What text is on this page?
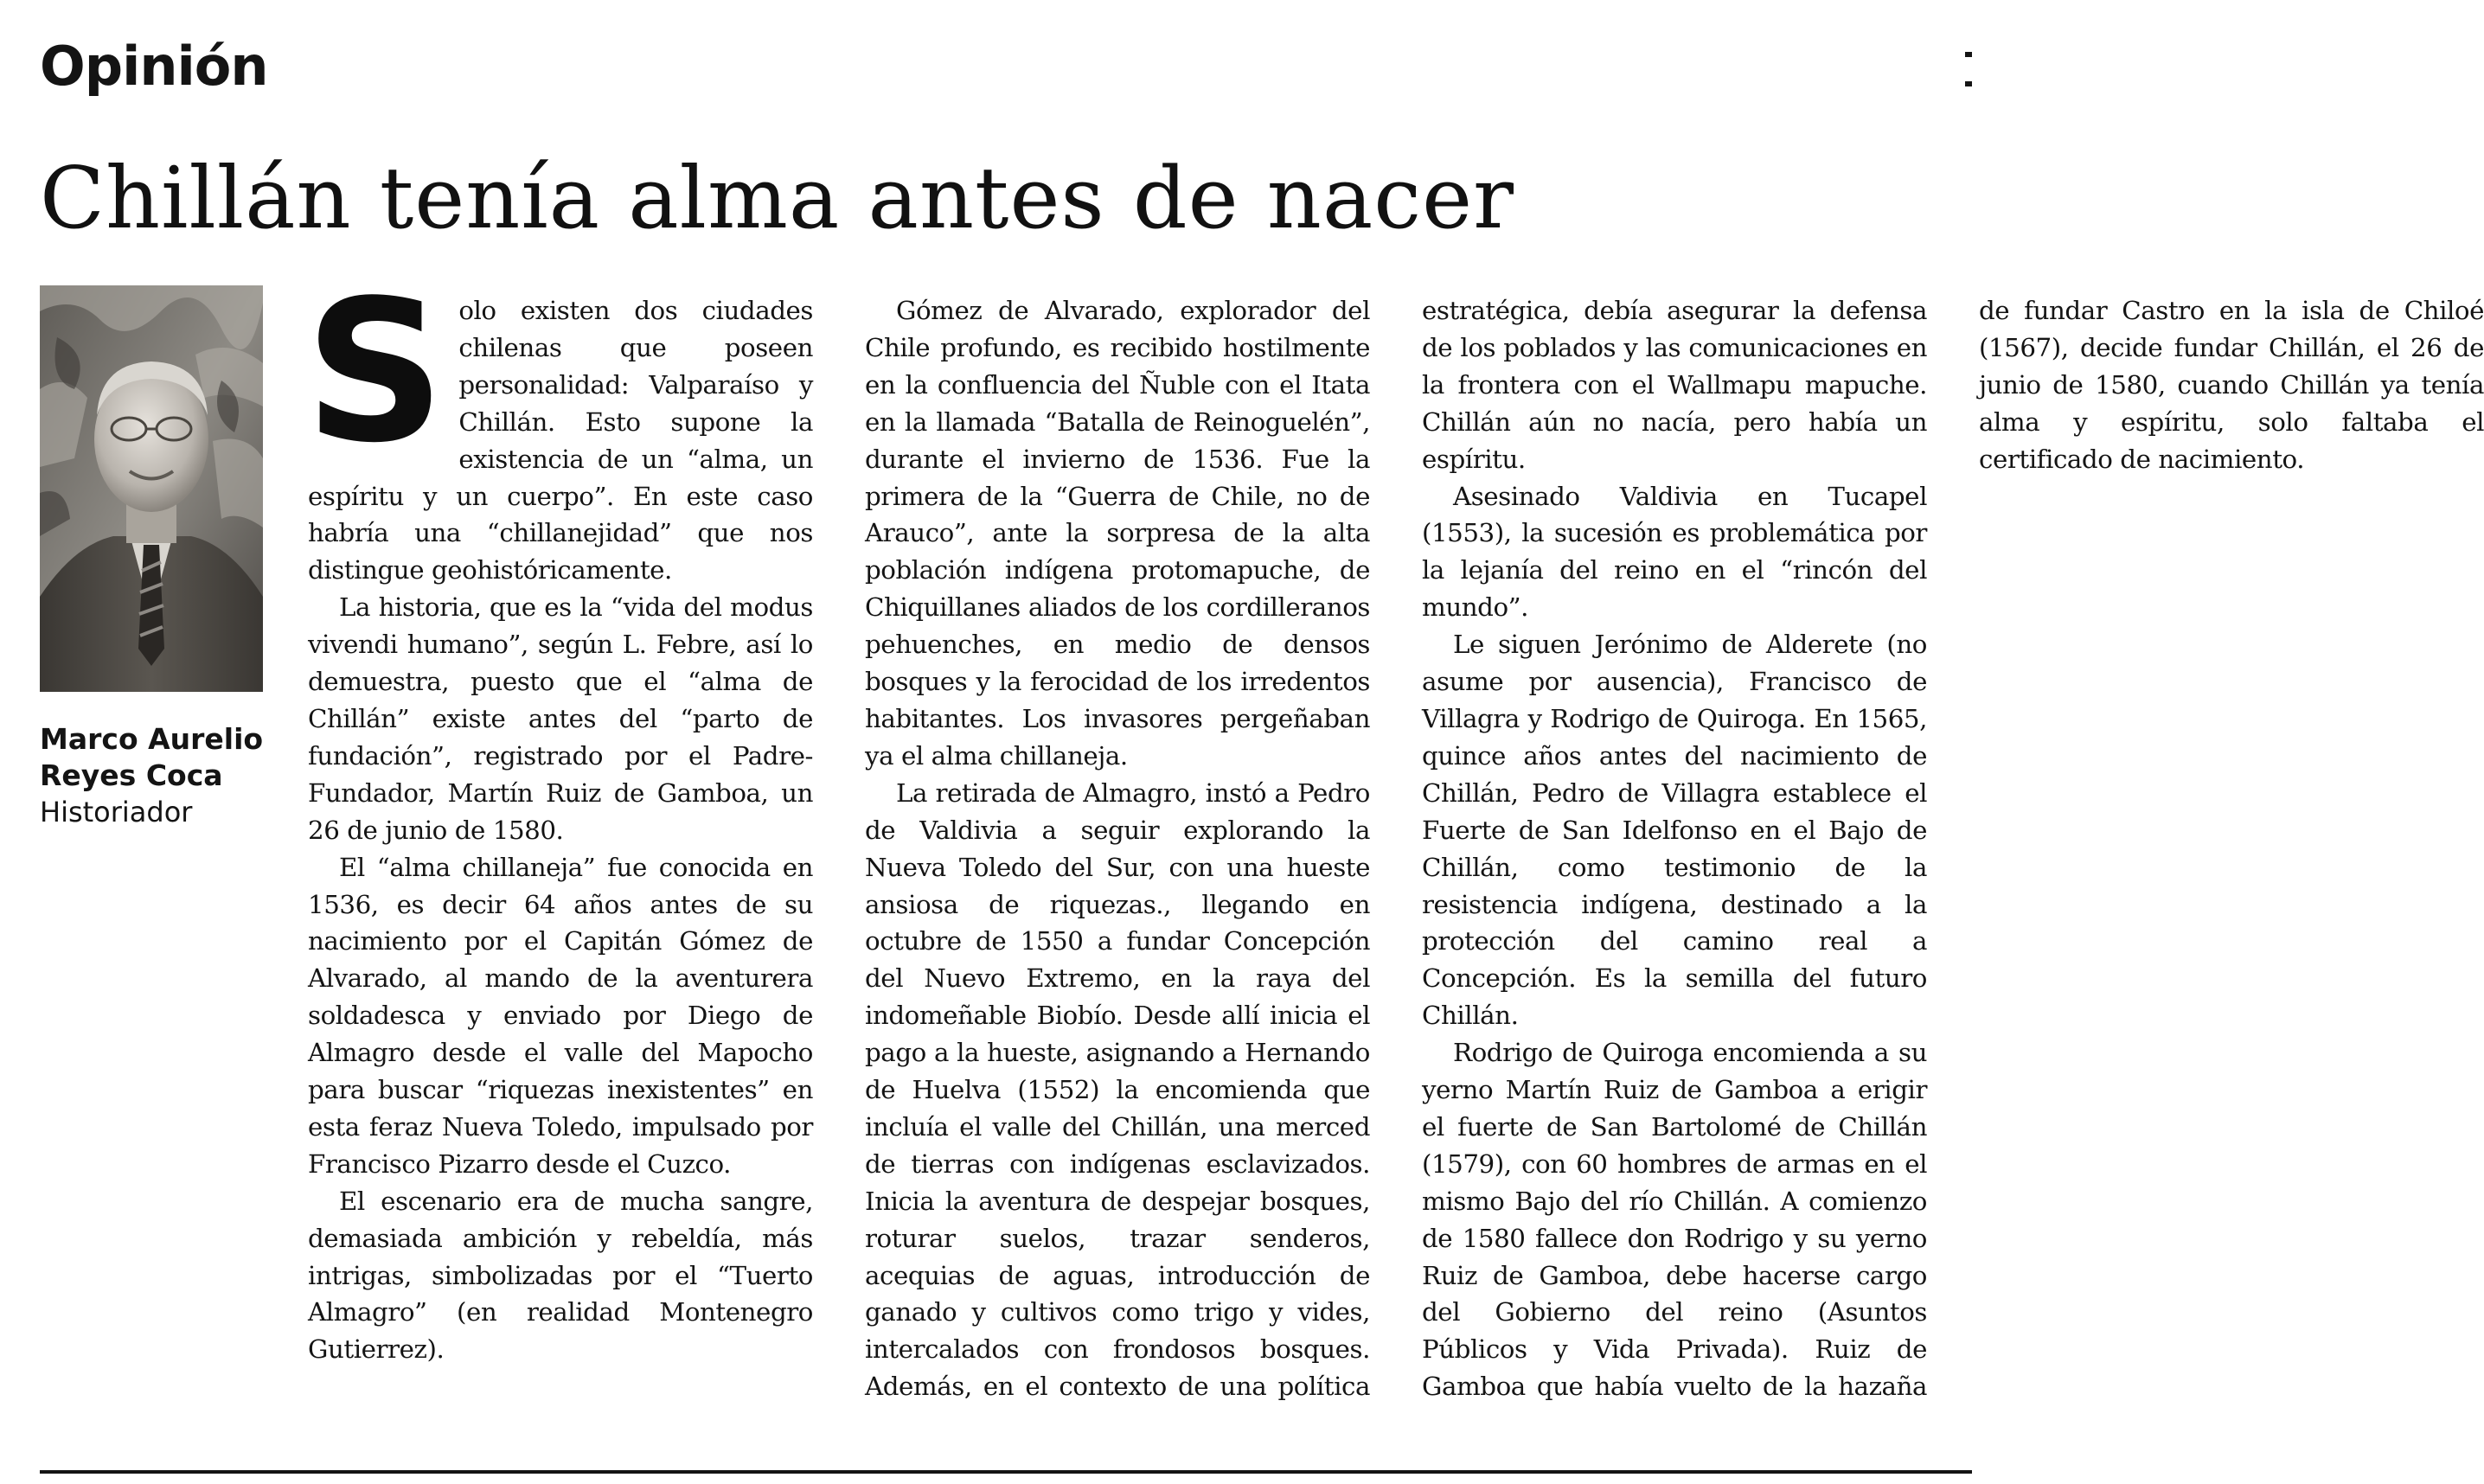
Opinión
Chillán tenía alma antes de nacer

Marco Aurelio

Reyes Coca

Historiador

Solo existen dos ciudades chilenas que poseen personalidad: Valparaíso y Chillán. Esto supone la existencia de un “alma, un espíritu y un cuerpo”. En este caso habría una “chillanejidad” que nos distingue geohistóricamente.

La historia, que es la “vida del modus vivendi humano”, según L. Febre, así lo demuestra, puesto que el “alma de Chillán” existe antes del “parto de fundación”, registrado por el Padre-Fundador, Martín Ruiz de Gamboa, un 26 de junio de 1580.

El “alma chillaneja” fue conocida en 1536, es decir 64 años antes de su nacimiento por el Capitán Gómez de Alvarado, al mando de la aventurera soldadesca y enviado por Diego de Almagro desde el valle del Mapocho para buscar “riquezas inexistentes” en esta feraz Nueva Toledo, impulsado por Francisco Pizarro desde el Cuzco.

El escenario era de mucha sangre, demasiada ambición y rebeldía, más intrigas, simbolizadas por el “Tuerto Almagro” (en realidad Montenegro Gutierrez).

Gómez de Alvarado, explorador del Chile profundo, es recibido hostilmente en la confluencia del Ñuble con el Itata en la llamada “Batalla de Reinoguelén”, durante el invierno de 1536. Fue la primera de la “Guerra de Chile, no de Arauco”, ante la sorpresa de la alta población indígena protomapuche, de Chiquillanes aliados de los cordilleranos pehuenches, en medio de densos bosques y la ferocidad de los irredentos habitantes. Los invasores pergeñaban ya el alma chillaneja.

La retirada de Almagro, instó a Pedro de Valdivia a seguir explorando la Nueva Toledo del Sur, con una hueste ansiosa de riquezas., llegando en octubre de 1550 a fundar Concepción del Nuevo Extremo, en la raya del indomeñable Biobío. Desde allí inicia el pago a la hueste, asignando a Hernando de Huelva (1552) la encomienda que incluía el valle del Chillán, una merced de tierras con indígenas esclavizados. Inicia la aventura de despejar bosques, roturar suelos, trazar senderos, acequias de aguas, introducción de ganado y cultivos como trigo y vides, intercalados con frondosos bosques. Además, en el contexto de una política estratégica, debía asegurar la defensa de los poblados y las comunicaciones en la frontera con el Wallmapu mapuche. Chillán aún no nacía, pero había un espíritu.

Asesinado Valdivia en Tucapel (1553), la sucesión es problemática por la lejanía del reino en el “rincón del mundo”.

Le siguen Jerónimo de Alderete (no asume por ausencia), Francisco de Villagra y Rodrigo de Quiroga. En 1565, quince años antes del nacimiento de Chillán, Pedro de Villagra establece el Fuerte de San Idelfonso en el Bajo de Chillán, como testimonio de la resistencia indígena, destinado a la protección del camino real a Concepción. Es la semilla del futuro Chillán.

Rodrigo de Quiroga encomienda a su yerno Martín Ruiz de Gamboa a erigir el fuerte de San Bartolomé de Chillán (1579), con 60 hombres de armas en el mismo Bajo del río Chillán. A comienzo de 1580 fallece don Rodrigo y su yerno Ruiz de Gamboa, debe hacerse cargo del Gobierno del reino (Asuntos Públicos y Vida Privada). Ruiz de Gamboa que había vuelto de la hazaña de fundar Castro en la isla de Chiloé (1567), decide fundar Chillán, el 26 de junio de 1580, cuando Chillán ya tenía alma y espíritu, solo faltaba el certificado de nacimiento.
